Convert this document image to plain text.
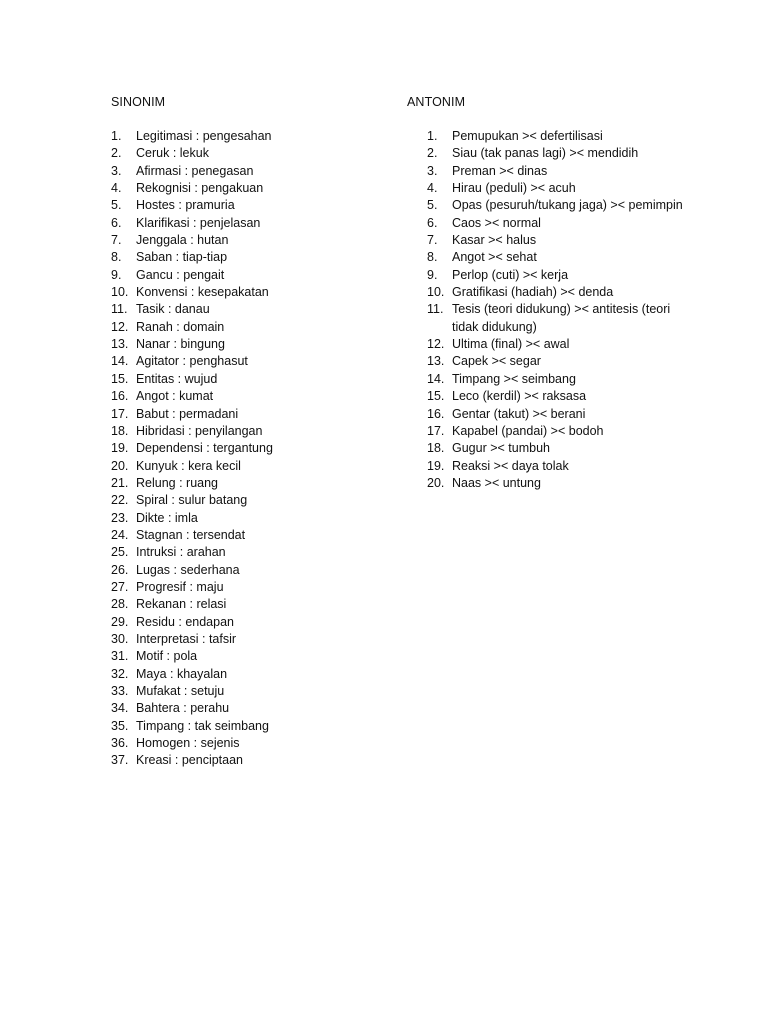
SINONIM
1. Legitimasi : pengesahan
2. Ceruk : lekuk
3. Afirmasi : penegasan
4. Rekognisi : pengakuan
5. Hostes : pramuria
6. Klarifikasi : penjelasan
7. Jenggala : hutan
8. Saban : tiap-tiap
9. Gancu : pengait
10. Konvensi : kesepakatan
11. Tasik : danau
12. Ranah : domain
13. Nanar : bingung
14. Agitator : penghasut
15. Entitas : wujud
16. Angot : kumat
17. Babut : permadani
18. Hibridasi : penyilangan
19. Dependensi : tergantung
20. Kunyuk : kera kecil
21. Relung : ruang
22. Spiral : sulur batang
23. Dikte : imla
24. Stagnan : tersendat
25. Intruksi : arahan
26. Lugas : sederhana
27. Progresif : maju
28. Rekanan : relasi
29. Residu : endapan
30. Interpretasi : tafsir
31. Motif : pola
32. Maya : khayalan
33. Mufakat : setuju
34. Bahtera : perahu
35. Timpang : tak seimbang
36. Homogen : sejenis
37. Kreasi : penciptaan
ANTONIM
1. Pemupukan >< defertilisasi
2. Siau (tak panas lagi) >< mendidih
3. Preman >< dinas
4. Hirau (peduli) >< acuh
5. Opas (pesuruh/tukang jaga) >< pemimpin
6. Caos >< normal
7. Kasar >< halus
8. Angot >< sehat
9. Perlop (cuti) >< kerja
10. Gratifikasi (hadiah) >< denda
11. Tesis (teori didukung) >< antitesis (teori tidak didukung)
12. Ultima (final) >< awal
13. Capek >< segar
14. Timpang >< seimbang
15. Leco (kerdil) >< raksasa
16. Gentar (takut) >< berani
17. Kapabel (pandai) >< bodoh
18. Gugur >< tumbuh
19. Reaksi >< daya tolak
20. Naas >< untung
